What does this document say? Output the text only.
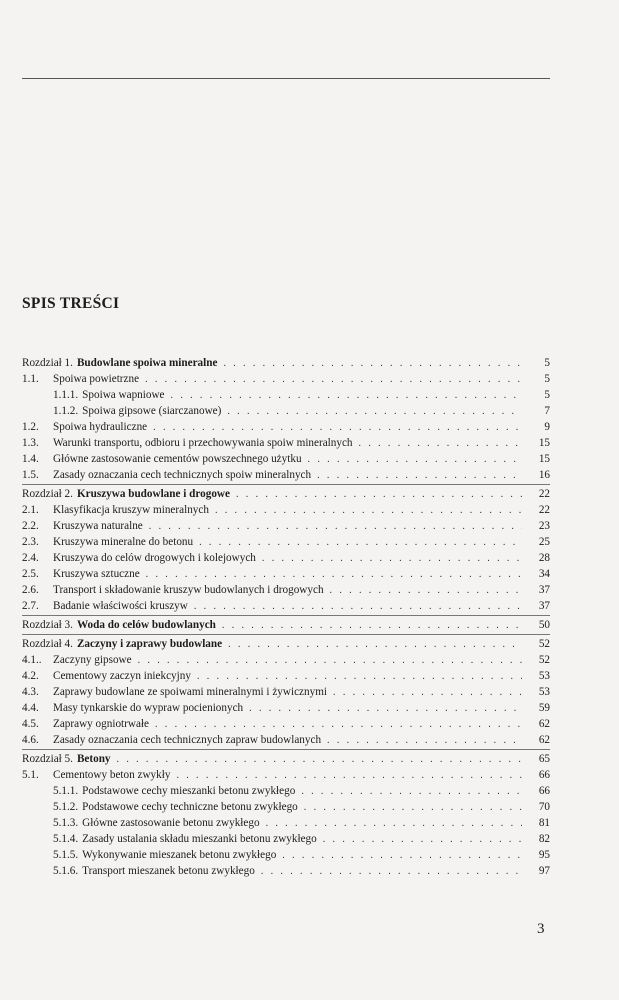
SPIS TREŚCI
Rozdział 1. Budowlane spoiwa mineralne . . .	5
1.1.	Spoiwa powietrzne . . .	5
1.1.1. Spoiwa wapniowe . . .	5
1.1.2. Spoiwa gipsowe (siarczanowe) . . .	7
1.2.	Spoiwa hydrauliczne . . .	9
1.3.	Warunki transportu, odbioru i przechowywania spoiw mineralnych . . .	15
1.4.	Główne zastosowanie cementów powszechnego użytku . . .	15
1.5.	Zasady oznaczania cech technicznych spoiw mineralnych . . .	16
Rozdział 2. Kruszywa budowlane i drogowe . . .	22
2.1.	Klasyfikacja kruszyw mineralnych . . .	22
2.2.	Kruszywa naturalne . . .	23
2.3.	Kruszywa mineralne do betonu . . .	25
2.4.	Kruszywa do celów drogowych i kolejowych . . .	28
2.5.	Kruszywa sztuczne . . .	34
2.6.	Transport i składowanie kruszyw budowlanych i drogowych . . .	37
2.7.	Badanie właściwości kruszyw . . .	37
Rozdział 3. Woda do celów budowlanych . . .	50
Rozdział 4. Zaczyny i zaprawy budowlane . . .	52
4.1..	Zaczyny gipsowe . . .	52
4.2.	Cementowy zaczyn iniekcyjny . . .	53
4.3.	Zaprawy budowlane ze spoiwami mineralnymi i żywicznymi . . .	53
4.4.	Masy tynkarskie do wypraw pocienionych . . .	59
4.5.	Zaprawy ogniotrwałe . . .	62
4.6.	Zasady oznaczania cech technicznych zapraw budowlanych . . .	62
Rozdział 5. Betony . . .	65
5.1.	Cementowy beton zwykły . . .	66
5.1.1. Podstawowe cechy mieszanki betonu zwykłego . . .	66
5.1.2. Podstawowe cechy techniczne betonu zwykłego . . .	70
5.1.3. Główne zastosowanie betonu zwykłego . . .	81
5.1.4. Zasady ustalania składu mieszanki betonu zwykłego . . .	82
5.1.5. Wykonywanie mieszanek betonu zwykłego . . .	95
5.1.6. Transport mieszanek betonu zwykłego . . .	97
3
